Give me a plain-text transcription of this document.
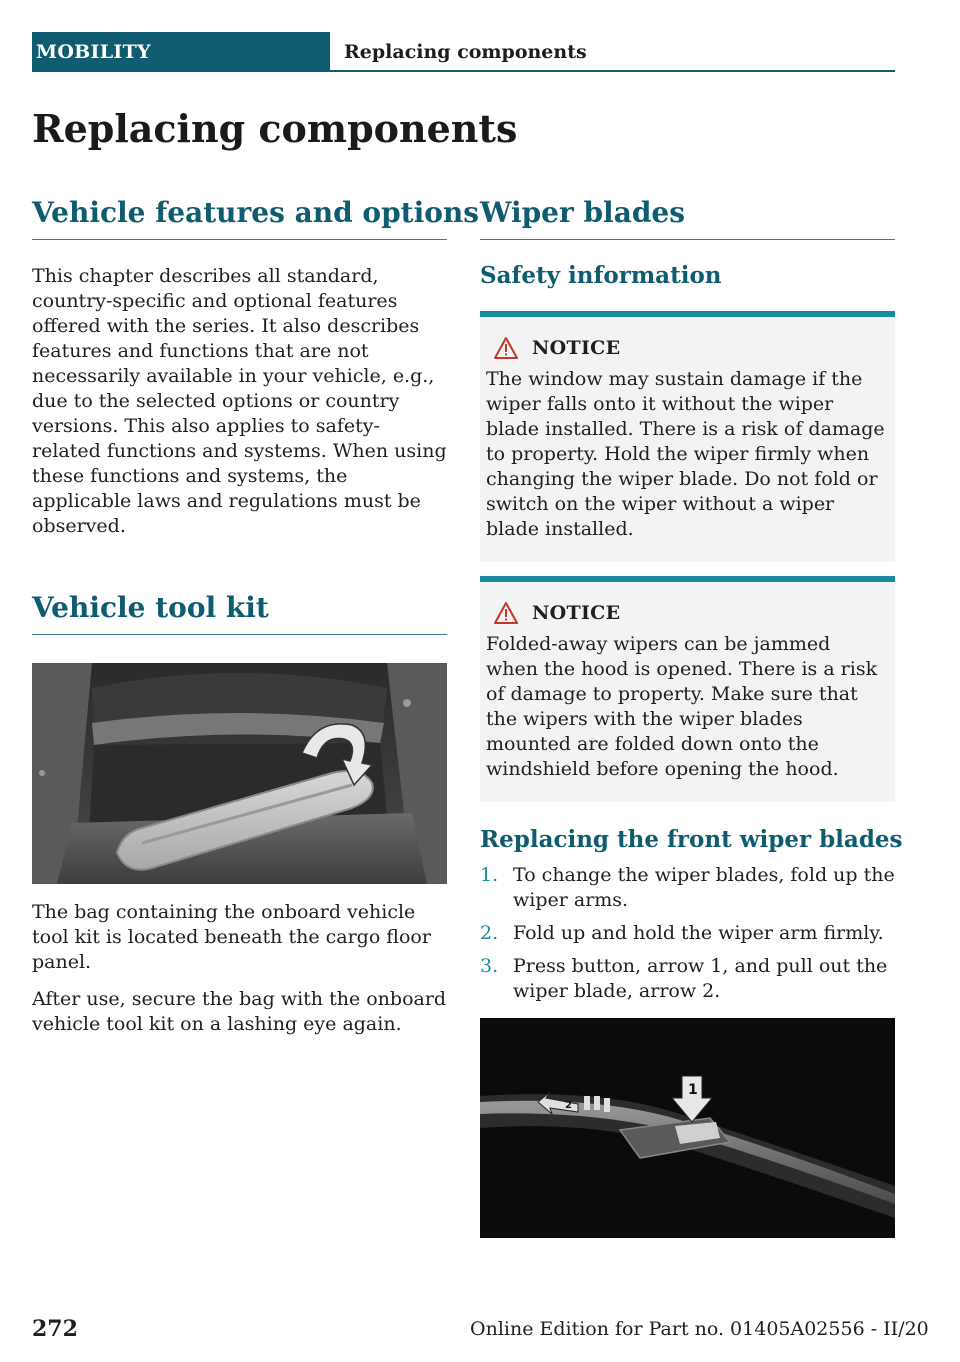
MOBILITY	Replacing components
Replacing components
Vehicle features and options

This chapter describes all standard, country-specific and optional features offered with the series. It also describes features and functions that are not necessarily available in your vehicle, e.g., due to the selected options or country versions. This also applies to safety-related functions and systems. When using these functions and systems, the applicable laws and regulations must be observed.

Vehicle tool kit

The bag containing the onboard vehicle tool kit is located beneath the cargo floor panel.

After use, secure the bag with the onboard vehicle tool kit on a lashing eye again.

Wiper blades
Safety information
NOTICE

The window may sustain damage if the wiper falls onto it without the wiper blade installed. There is a risk of damage to property. Hold the wiper firmly when changing the wiper blade. Do not fold or switch on the wiper without a wiper blade installed.

NOTICE

Folded-away wipers can be jammed when the hood is opened. There is a risk of damage to property. Make sure that the wipers with the wiper blades mounted are folded down onto the windshield before opening the hood.

Replacing the front wiper blades
1. To change the wiper blades, fold up the wiper arms.
2. Fold up and hold the wiper arm firmly.
3. Press button, arrow 1, and pull out the wiper blade, arrow 2.
2
1
272	Online Edition for Part no. 01405A02556 - II/20
